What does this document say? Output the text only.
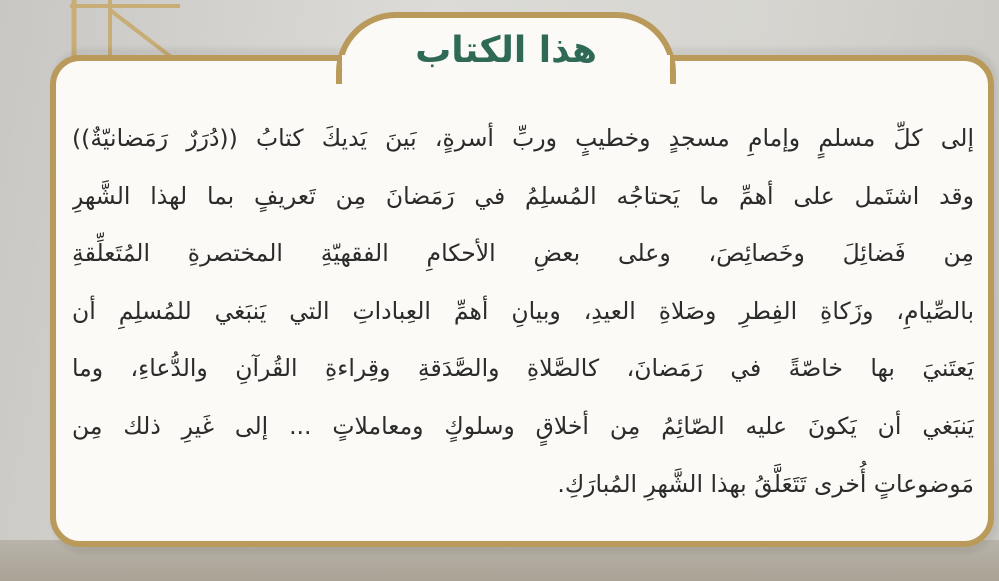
هذا الكتاب
إلى كلِّ مسلمٍ وإمامِ مسجدٍ وخطيبٍ وربِّ أسرةٍ، بَينَ يَديكَ كتابُ ((دُرَرٌ رَمَضانيّةٌ))
وقد اشتَمل على أهمِّ ما يَحتاجُه المُسلِمُ في رَمَضانَ مِن تَعريفٍ بما لهذا الشَّهرِ
مِن فَضائِلَ وخَصائِصَ، وعلى بعضِ الأحكامِ الفقهيّةِ المختصرةِ المُتَعلِّقةِ
بالصِّيامِ، وزَكاةِ الفِطرِ وصَلاةِ العيدِ، وبيانِ أهمِّ العِباداتِ التي يَنبَغي للمُسلِمِ أن
يَعتَنيَ بها خاصّةً في رَمَضانَ، كالصَّلاةِ والصَّدَقةِ وقِراءةِ القُرآنِ والدُّعاءِ، وما
يَنبَغي أن يَكونَ عليه الصّائِمُ مِن أخلاقٍ وسلوكٍ ومعاملاتٍ ... إلى غَيرِ ذلك مِن
مَوضوعاتٍ أُخرى تَتَعَلَّقُ بهذا الشَّهرِ المُبارَكِ.
